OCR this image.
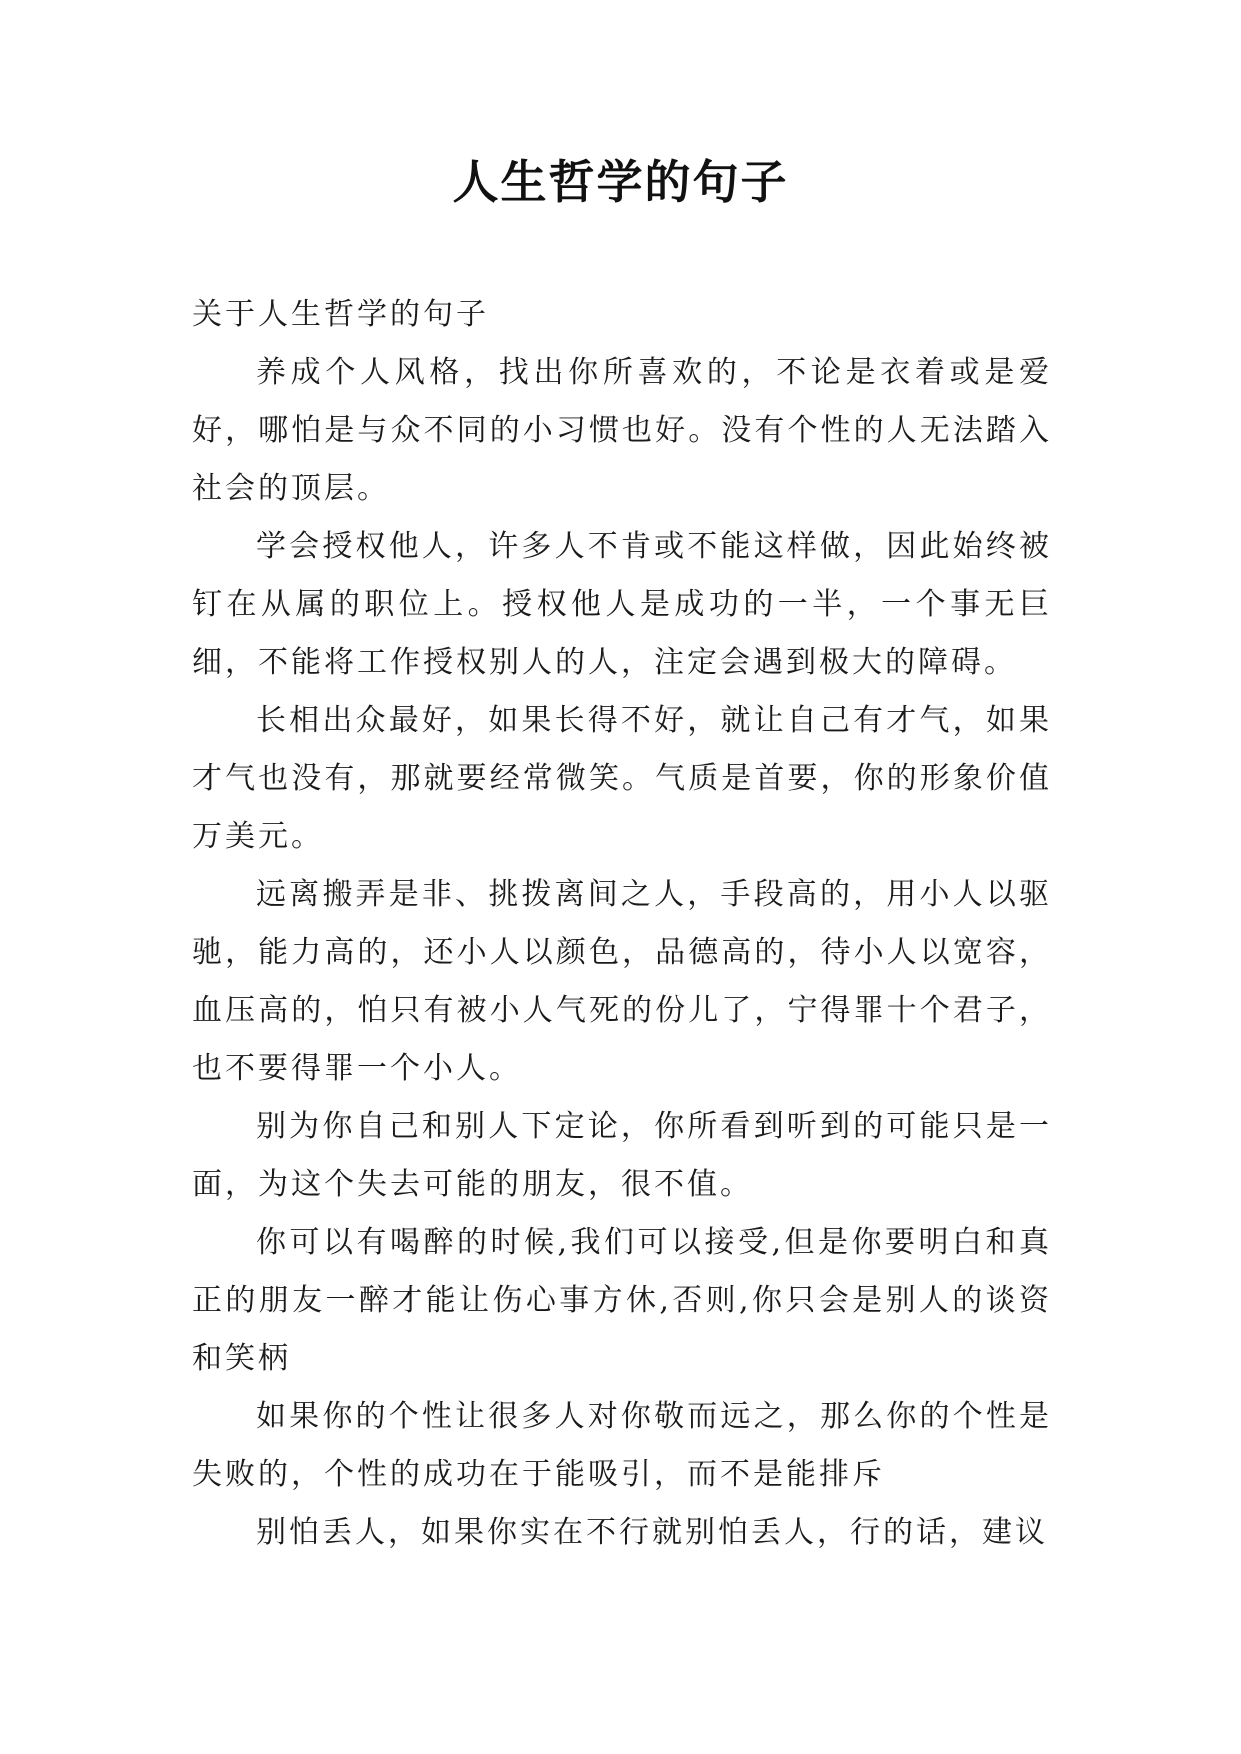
人生哲学的句子

关于人生哲学的句子

养成个人风格，找出你所喜欢的，不论是衣着或是爱好，哪怕是与众不同的小习惯也好。没有个性的人无法踏入社会的顶层。

学会授权他人，许多人不肯或不能这样做，因此始终被钉在从属的职位上。授权他人是成功的一半，一个事无巨细，不能将工作授权别人的人，注定会遇到极大的障碍。

长相出众最好，如果长得不好，就让自己有才气，如果才气也没有，那就要经常微笑。气质是首要，你的形象价值万美元。

远离搬弄是非、挑拨离间之人，手段高的，用小人以驱驰，能力高的，还小人以颜色，品德高的，待小人以宽容，血压高的，怕只有被小人气死的份儿了，宁得罪十个君子，也不要得罪一个小人。

别为你自己和别人下定论，你所看到听到的可能只是一面，为这个失去可能的朋友，很不值。

你可以有喝醉的时候,我们可以接受,但是你要明白和真正的朋友一醉才能让伤心事方休,否则,你只会是别人的谈资和笑柄

如果你的个性让很多人对你敬而远之，那么你的个性是失败的，个性的成功在于能吸引，而不是能排斥

别怕丢人，如果你实在不行就别怕丢人，行的话，建议
